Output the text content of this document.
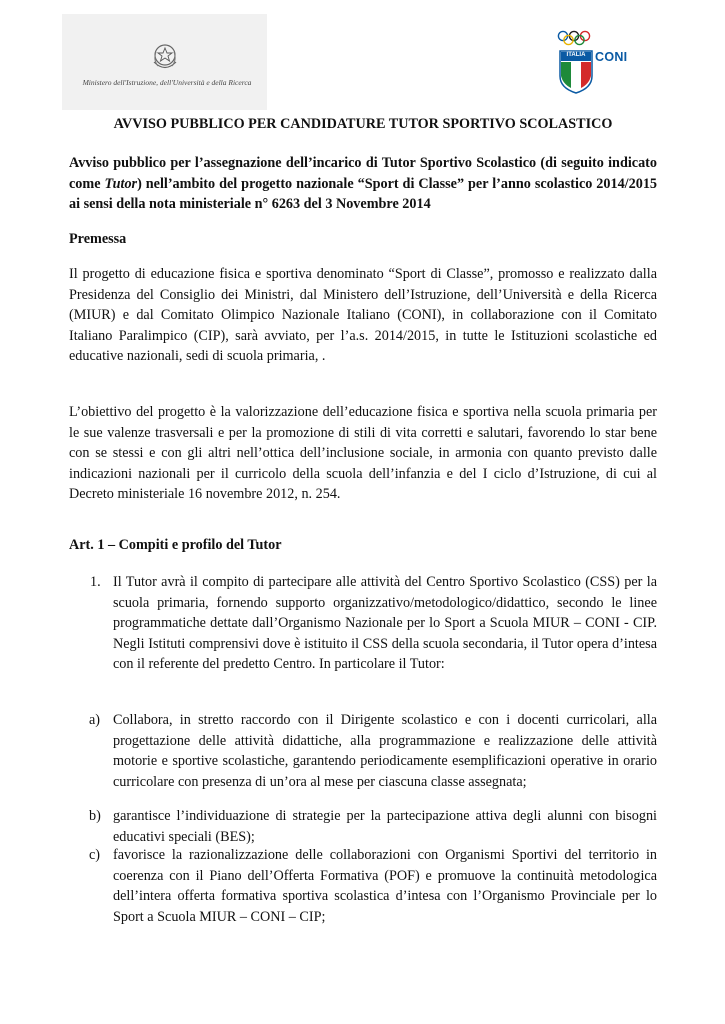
Ministero dell'Istruzione, dell'Università e della Ricerca
ITALIA CONI
AVVISO PUBBLICO PER CANDIDATURE TUTOR SPORTIVO SCOLASTICO
Avviso pubblico per l’assegnazione dell’incarico di Tutor Sportivo Scolastico (di seguito indicato come Tutor) nell’ambito del progetto nazionale “Sport di Classe” per l’anno scolastico 2014/2015 ai sensi della nota ministeriale n° 6263 del 3 Novembre 2014
Premessa
Il progetto di educazione fisica e sportiva denominato “Sport di Classe”, promosso e realizzato dalla Presidenza del Consiglio dei Ministri, dal Ministero dell’Istruzione, dell’Università e della Ricerca (MIUR) e dal Comitato Olimpico Nazionale Italiano (CONI), in collaborazione con il Comitato Italiano Paralimpico (CIP), sarà avviato, per l’a.s. 2014/2015, in tutte le Istituzioni scolastiche ed educative nazionali, sedi di scuola primaria, .
L’obiettivo del progetto è la valorizzazione dell’educazione fisica e sportiva nella scuola primaria per le sue valenze trasversali e per la promozione di stili di vita corretti e salutari, favorendo lo star bene con se stessi e con gli altri nell’ottica dell’inclusione sociale, in armonia con quanto previsto dalle indicazioni nazionali per il curricolo della scuola dell’infanzia e del I ciclo d’Istruzione, di cui al Decreto ministeriale 16 novembre 2012, n. 254.
Art. 1 – Compiti e profilo del Tutor
1. Il Tutor avrà il compito di partecipare alle attività del Centro Sportivo Scolastico (CSS) per la scuola primaria, fornendo supporto organizzativo/metodologico/didattico, secondo le linee programmatiche dettate dall’Organismo Nazionale per lo Sport a Scuola MIUR – CONI - CIP. Negli Istituti comprensivi dove è istituito il CSS della scuola secondaria, il Tutor opera d’intesa con il referente del predetto Centro. In particolare il Tutor:
a) Collabora, in stretto raccordo con il Dirigente scolastico e con i docenti curricolari, alla progettazione delle attività didattiche, alla programmazione e realizzazione delle attività motorie e sportive scolastiche, garantendo periodicamente esemplificazioni operative in orario curricolare con presenza di un’ora al mese per ciascuna classe assegnata;
b) garantisce l’individuazione di strategie per la partecipazione attiva degli alunni con bisogni educativi speciali (BES);
c) favorisce la razionalizzazione delle collaborazioni con Organismi Sportivi del territorio in coerenza con il Piano dell’Offerta Formativa (POF) e promuove la continuità metodologica dell’intera offerta formativa sportiva scolastica d’intesa con l’Organismo Provinciale per lo Sport a Scuola MIUR – CONI – CIP;
